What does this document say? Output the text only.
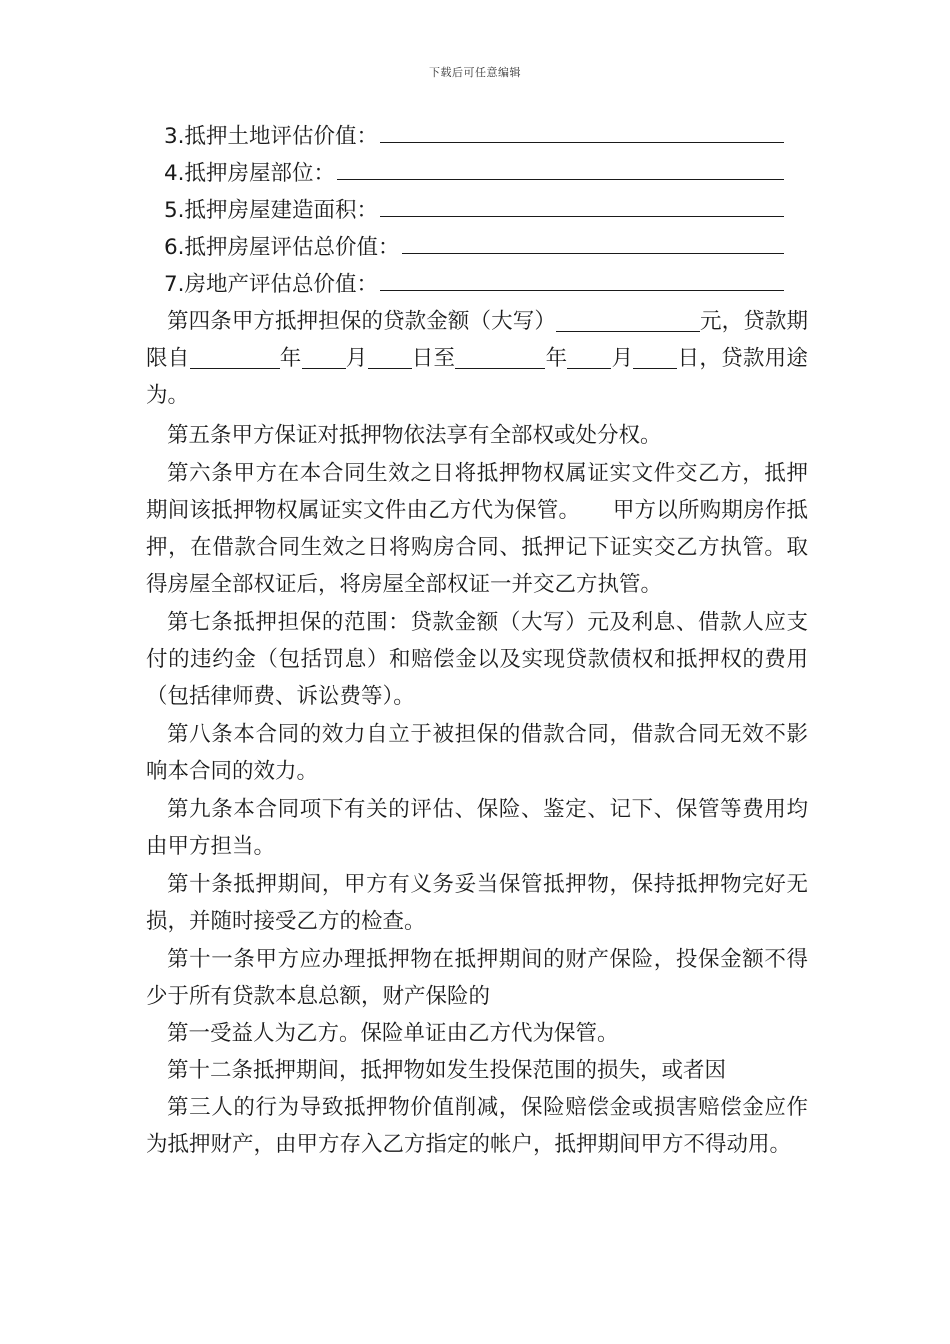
下载后可任意编辑
3.抵押土地评估价值：
4.抵押房屋部位：
5.抵押房屋建造面积：
6.抵押房屋评估总价值：
7.房地产评估总价值：

第四条甲方抵押担保的贷款金额（大写）	元，贷款期限自	年 月 日至	年 月 日，贷款用途为。

第五条甲方保证对抵押物依法享有全部权或处分权。

第六条甲方在本合同生效之日将抵押物权属证实文件交乙方，抵押期间该抵押物权属证实文件由乙方代为保管。　　甲方以所购期房作抵押，在借款合同生效之日将购房合同、抵押记下证实交乙方执管。取得房屋全部权证后，将房屋全部权证一并交乙方执管。

第七条抵押担保的范围：贷款金额（大写）元及利息、借款人应支付的违约金（包括罚息）和赔偿金以及实现贷款债权和抵押权的费用（包括律师费、诉讼费等）。

第八条本合同的效力自立于被担保的借款合同，借款合同无效不影响本合同的效力。

第九条本合同项下有关的评估、保险、鉴定、记下、保管等费用均由甲方担当。

第十条抵押期间，甲方有义务妥当保管抵押物，保持抵押物完好无损，并随时接受乙方的检查。

第十一条甲方应办理抵押物在抵押期间的财产保险，投保金额不得少于所有贷款本息总额，财产保险的

第一受益人为乙方。保险单证由乙方代为保管。

第十二条抵押期间，抵押物如发生投保范围的损失，或者因

第三人的行为导致抵押物价值削减，保险赔偿金或损害赔偿金应作为抵押财产，由甲方存入乙方指定的帐户，抵押期间甲方不得动用。
